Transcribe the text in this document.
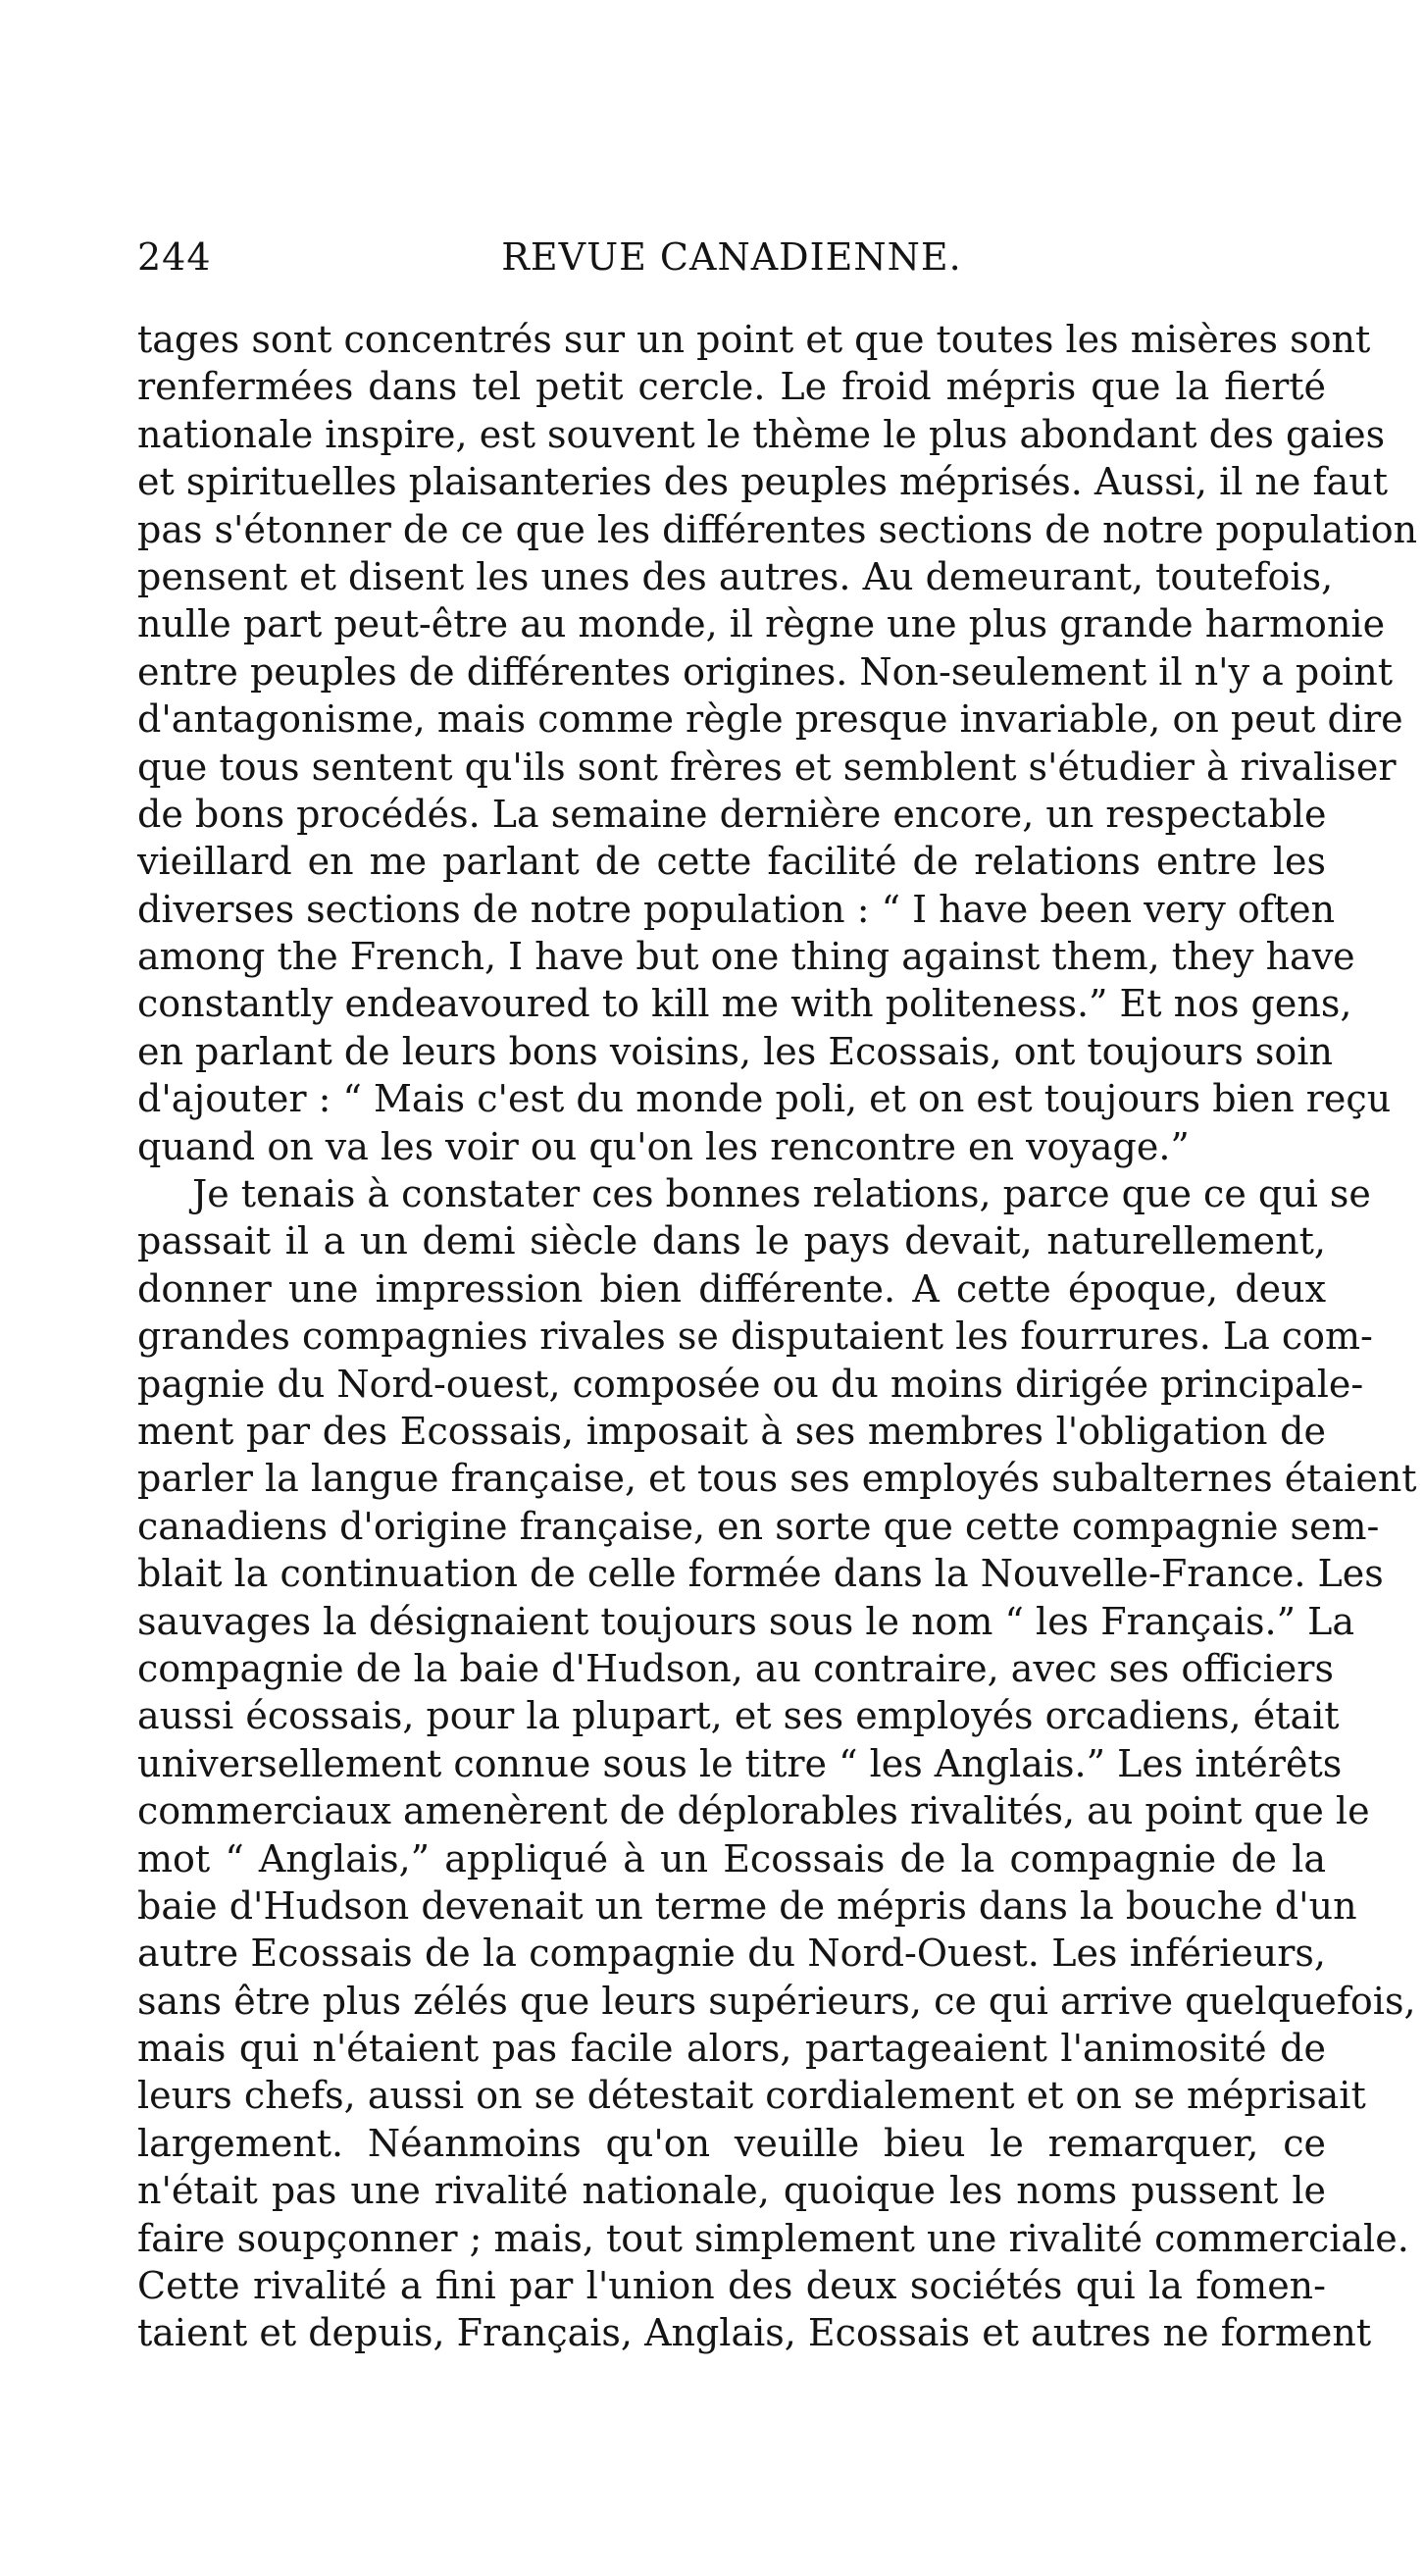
244	REVUE CANADIENNE.
tages sont concentrés sur un point et que toutes les misères sont
renfermées dans tel petit cercle. Le froid mépris que la fierté
nationale inspire, est souvent le thème le plus abondant des gaies
et spirituelles plaisanteries des peuples méprisés. Aussi, il ne faut
pas s'étonner de ce que les différentes sections de notre population
pensent et disent les unes des autres. Au demeurant, toutefois,
nulle part peut-être au monde, il règne une plus grande harmonie
entre peuples de différentes origines. Non-seulement il n'y a point
d'antagonisme, mais comme règle presque invariable, on peut dire
que tous sentent qu'ils sont frères et semblent s'étudier à rivaliser
de bons procédés. La semaine dernière encore, un respectable
vieillard en me parlant de cette facilité de relations entre les
diverses sections de notre population : “ I have been very often
among the French, I have but one thing against them, they have
constantly endeavoured to kill me with politeness.” Et nos gens,
en parlant de leurs bons voisins, les Ecossais, ont toujours soin
d'ajouter : “ Mais c'est du monde poli, et on est toujours bien reçu
quand on va les voir ou qu'on les rencontre en voyage.”
Je tenais à constater ces bonnes relations, parce que ce qui se
passait il a un demi siècle dans le pays devait, naturellement,
donner une impression bien différente. A cette époque, deux
grandes compagnies rivales se disputaient les fourrures. La com-
pagnie du Nord-ouest, composée ou du moins dirigée principale-
ment par des Ecossais, imposait à ses membres l'obligation de
parler la langue française, et tous ses employés subalternes étaient
canadiens d'origine française, en sorte que cette compagnie sem-
blait la continuation de celle formée dans la Nouvelle-France. Les
sauvages la désignaient toujours sous le nom “ les Français.” La
compagnie de la baie d'Hudson, au contraire, avec ses officiers
aussi écossais, pour la plupart, et ses employés orcadiens, était
universellement connue sous le titre “ les Anglais.” Les intérêts
commerciaux amenèrent de déplorables rivalités, au point que le
mot “ Anglais,” appliqué à un Ecossais de la compagnie de la
baie d'Hudson devenait un terme de mépris dans la bouche d'un
autre Ecossais de la compagnie du Nord-Ouest. Les inférieurs,
sans être plus zélés que leurs supérieurs, ce qui arrive quelquefois,
mais qui n'étaient pas facile alors, partageaient l'animosité de
leurs chefs, aussi on se détestait cordialement et on se méprisait
largement. Néanmoins qu'on veuille bieu le remarquer, ce
n'était pas une rivalité nationale, quoique les noms pussent le
faire soupçonner ; mais, tout simplement une rivalité commerciale.
Cette rivalité a fini par l'union des deux sociétés qui la fomen-
taient et depuis, Français, Anglais, Ecossais et autres ne forment
